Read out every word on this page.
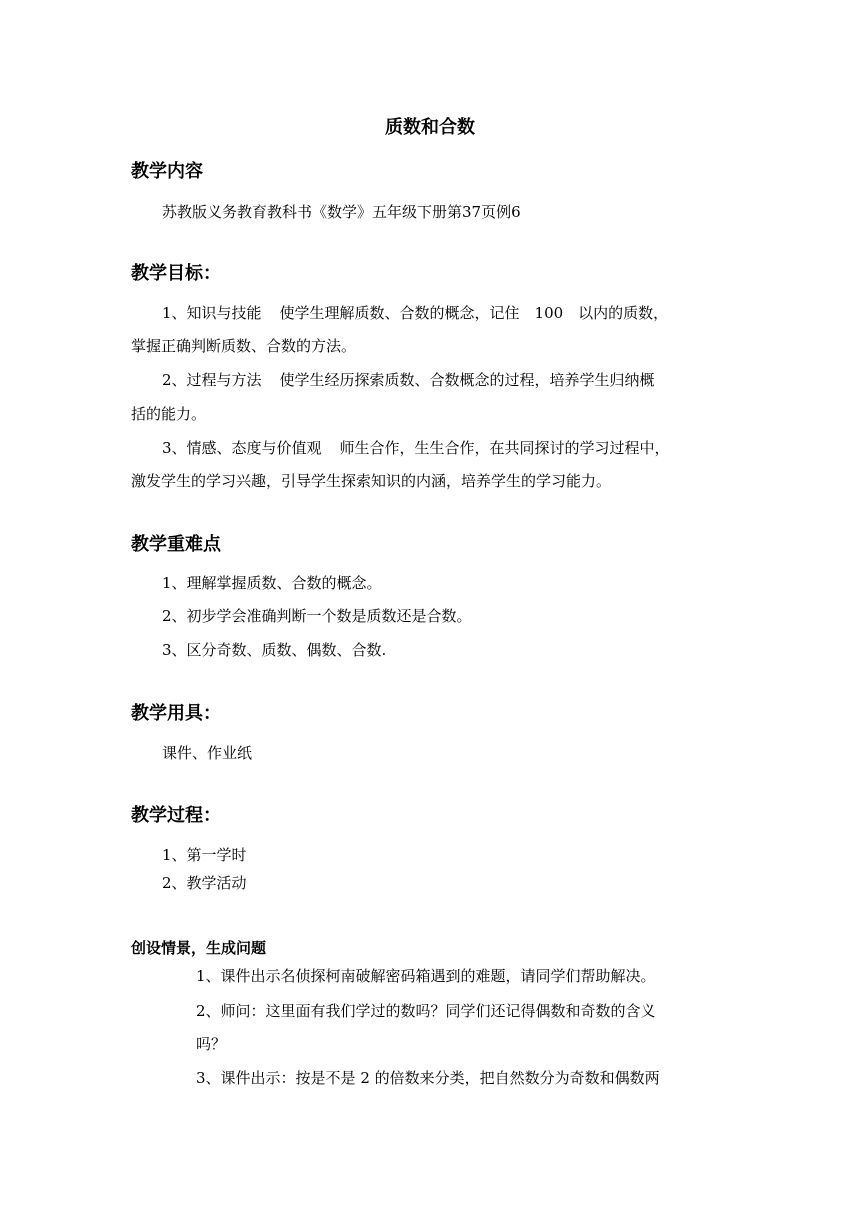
质数和合数
教学内容
苏教版义务教育教科书《数学》五年级下册第37页例6
教学目标：
1、知识与技能 使学生理解质数、合数的概念，记住　100　以内的质数，
掌握正确判断质数、合数的方法。
2、过程与方法 使学生经历探索质数、合数概念的过程，培养学生归纳概
括的能力。
3、情感、态度与价值观 师生合作，生生合作，在共同探讨的学习过程中，
激发学生的学习兴趣，引导学生探索知识的内涵，培养学生的学习能力。
教学重难点
1、理解掌握质数、合数的概念。
2、初步学会准确判断一个数是质数还是合数。
3、区分奇数、质数、偶数、合数.
教学用具：
课件、作业纸
教学过程：
1、第一学时
2、教学活动
创设情景，生成问题
1、课件出示名侦探柯南破解密码箱遇到的难题，请同学们帮助解决。
2、师问：这里面有我们学过的数吗？同学们还记得偶数和奇数的含义
吗？
3、课件出示：按是不是 2 的倍数来分类，把自然数分为奇数和偶数两
